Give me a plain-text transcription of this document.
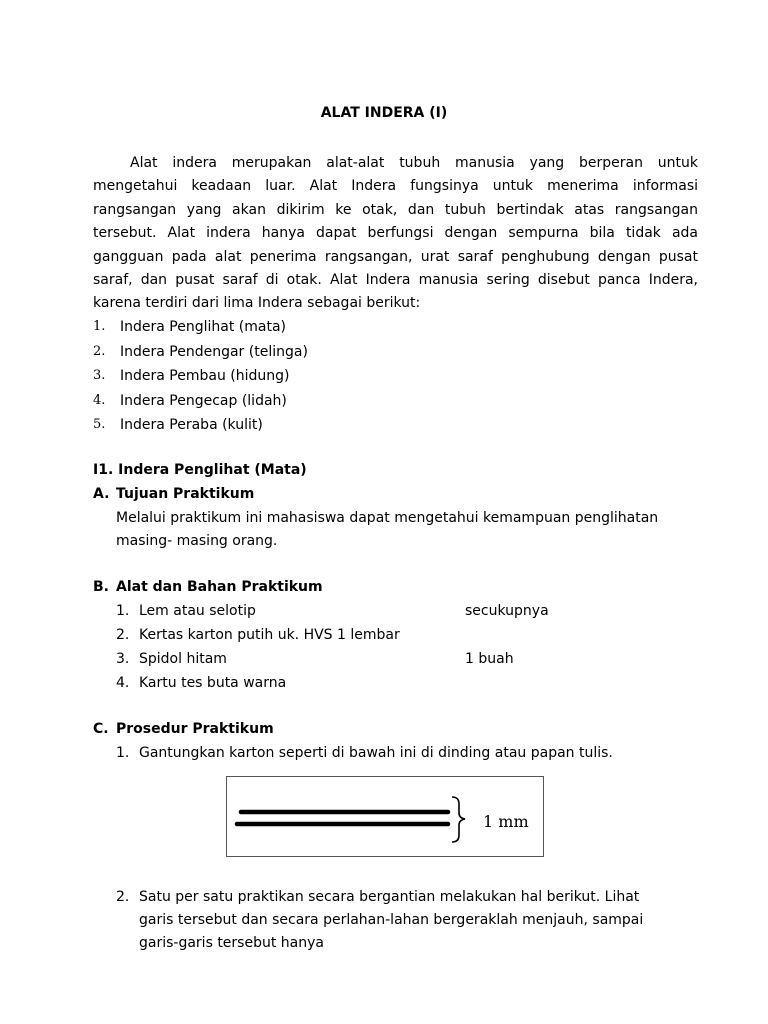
ALAT INDERA (I)
Alat indera merupakan alat-alat tubuh manusia yang berperan untuk mengetahui keadaan luar. Alat Indera fungsinya untuk menerima informasi rangsangan yang akan dikirim ke otak, dan tubuh bertindak atas rangsangan tersebut. Alat indera hanya dapat berfungsi dengan sempurna bila tidak ada gangguan pada alat penerima rangsangan, urat saraf penghubung dengan pusat saraf, dan pusat saraf di otak. Alat Indera manusia sering disebut panca Indera, karena terdiri dari lima Indera sebagai berikut:
1.	Indera Penglihat (mata)
2.	Indera Pendengar (telinga)
3.	Indera Pembau (hidung)
4.	Indera Pengecap (lidah)
5.	Indera Peraba (kulit)
I1. Indera Penglihat (Mata)
A. Tujuan Praktikum
Melalui praktikum ini mahasiswa dapat mengetahui kemampuan penglihatan
masing- masing orang.
B. Alat dan Bahan Praktikum
1. Lem atau selotip	secukupnya
2. Kertas karton putih uk. HVS 1 lembar
3. Spidol hitam	1 buah
4. Kartu tes buta warna
C. Prosedur Praktikum
1. Gantungkan karton seperti di bawah ini di dinding atau papan tulis.
1 mm
2. Satu per satu praktikan secara bergantian melakukan hal berikut. Lihat
garis tersebut dan secara perlahan-lahan bergeraklah menjauh, sampai
garis-garis tersebut hanya
